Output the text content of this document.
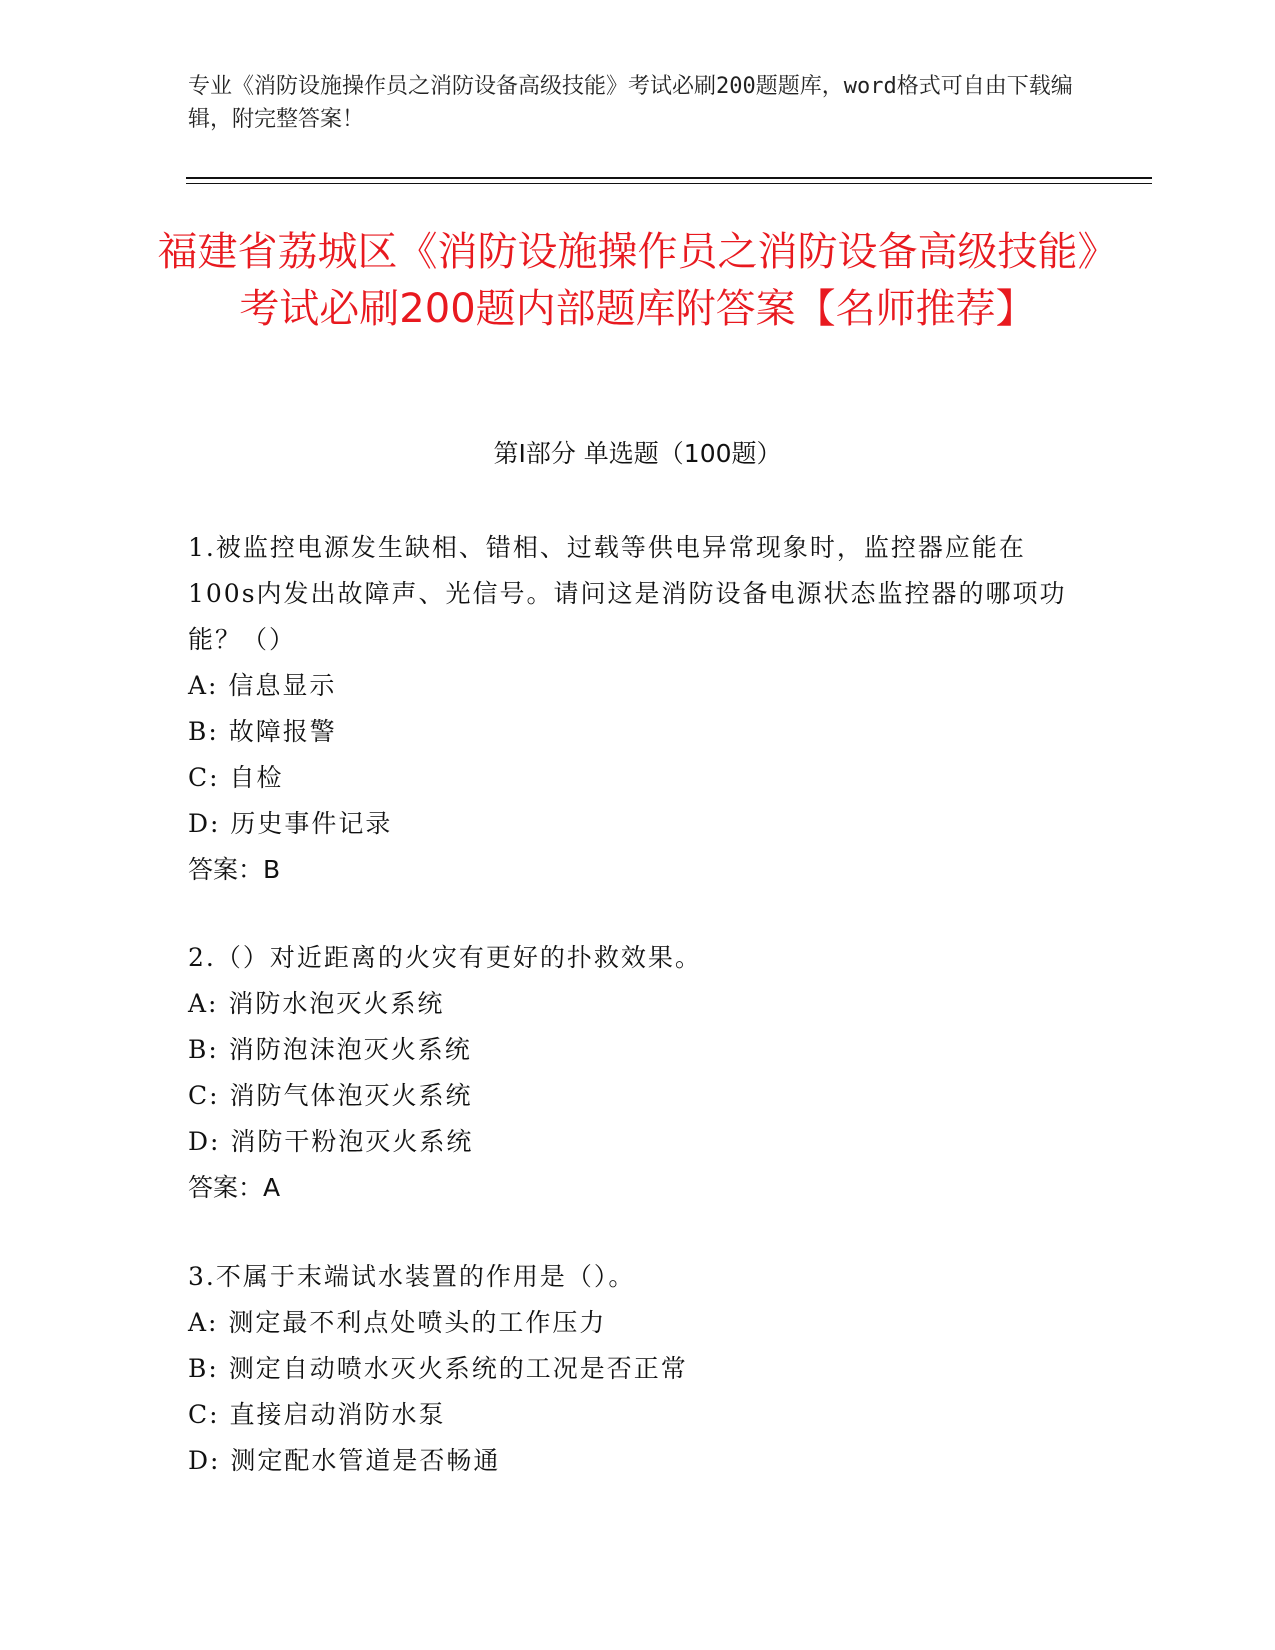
专业《消防设施操作员之消防设备高级技能》考试必刷200题题库，word格式可自由下载编辑，附完整答案！

福建省荔城区《消防设施操作员之消防设备高级技能》考试必刷200题内部题库附答案【名师推荐】
第I部分 单选题（100题）

1.被监控电源发生缺相、错相、过载等供电异常现象时，监控器应能在100s内发出故障声、光信号。请问这是消防设备电源状态监控器的哪项功能？（）

A: 信息显示

B: 故障报警

C: 自检

D: 历史事件记录

答案：B

2.（）对近距离的火灾有更好的扑救效果。

A: 消防水泡灭火系统

B: 消防泡沫泡灭火系统

C: 消防气体泡灭火系统

D: 消防干粉泡灭火系统

答案：A

3.不属于末端试水装置的作用是（）。

A: 测定最不利点处喷头的工作压力

B: 测定自动喷水灭火系统的工况是否正常

C: 直接启动消防水泵

D: 测定配水管道是否畅通
